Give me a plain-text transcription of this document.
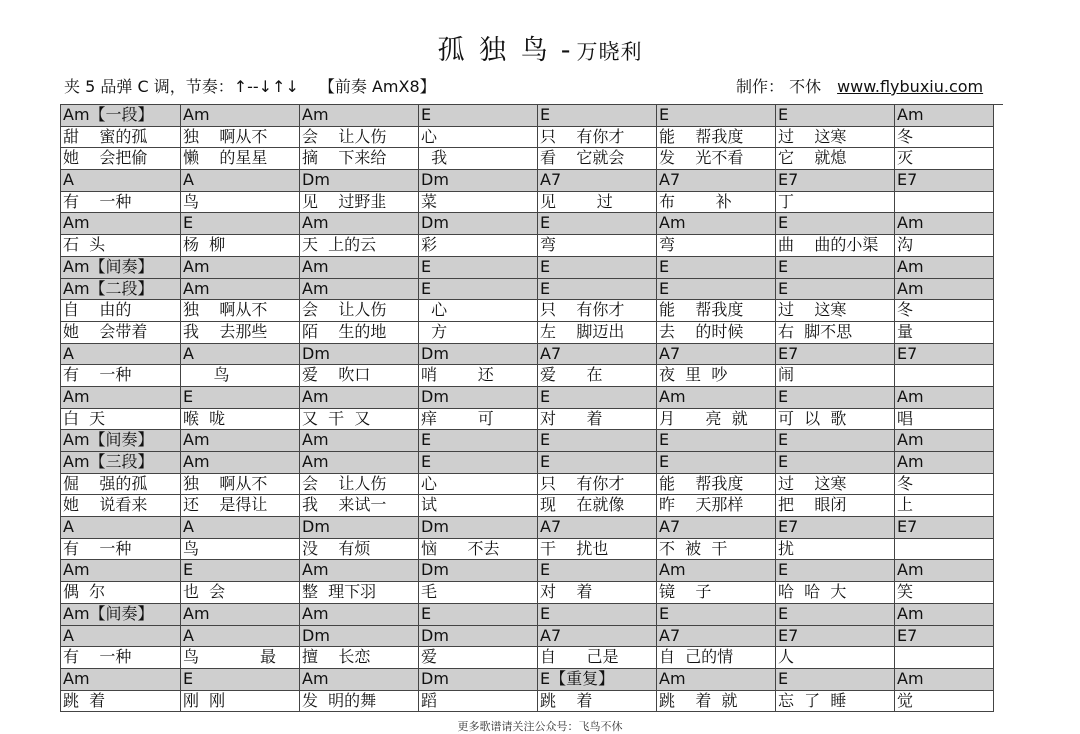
孤 独 鸟 - 万晓利
夹 5 品弹 C 调，节奏：↑--↓↑↓ 【前奏 AmX8】	制作： 不休 www.flybuxiu.com
Am【一段】	Am	Am	E	E	E	E	Am
甜    蜜的孤	独    啊从不	会    让人伤	心	只    有你才	能    帮我度	过    这寒	冬
她    会把偷	懒    的星星	摘    下来给	我	看    它就会	发    光不看	它    就熄	灭
A	A	Dm	Dm	A7	A7	E7	E7
有    一种	鸟	见    过野韭	菜	见        过	布        补	丁
Am	E	Am	Dm	E	Am	E	Am
石  头	杨  柳	天  上的云	彩	弯	弯	曲    曲的小渠	沟
Am【间奏】	Am	Am	E	E	E	E	Am
Am【二段】	Am	Am	E	E	E	E	Am
自    由的	独    啊从不	会    让人伤	心	只    有你才	能    帮我度	过    这寒	冬
她    会带着	我    去那些	陌    生的地	方	左    脚迈出	去    的时候	右  脚不思	量
A	A	Dm	Dm	A7	A7	E7	E7
有    一种	鸟	爱    吹口	哨        还	爱      在	夜  里  吵	闹
Am	E	Am	Dm	E	Am	E	Am
白  天	喉  咙	又  干  又	痒        可	对      着	月      亮  就	可  以  歌	唱
Am【间奏】	Am	Am	E	E	E	E	Am
Am【三段】	Am	Am	E	E	E	E	Am
倔    强的孤	独    啊从不	会    让人伤	心	只    有你才	能    帮我度	过    这寒	冬
她    说看来	还    是得让	我    来试一	试	现    在就像	昨    天那样	把    眼闭	上
A	A	Dm	Dm	A7	A7	E7	E7
有    一种	鸟	没    有烦	恼      不去	干    扰也	不  被  干	扰
Am	E	Am	Dm	E	Am	E	Am
偶  尔	也  会	整  理下羽	毛	对    着	镜    子	哈  哈  大	笑
Am【间奏】	Am	Am	E	E	E	E	Am
A	A	Dm	Dm	A7	A7	E7	E7
有    一种	鸟            最	擅    长恋	爱	自      己是	自  己的情	人
Am	E	Am	Dm	E【重复】	Am	E	Am
跳  着	刚  刚	发  明的舞	蹈	跳    着	跳    着  就	忘  了  睡	觉
更多歌谱请关注公众号：飞鸟不休
